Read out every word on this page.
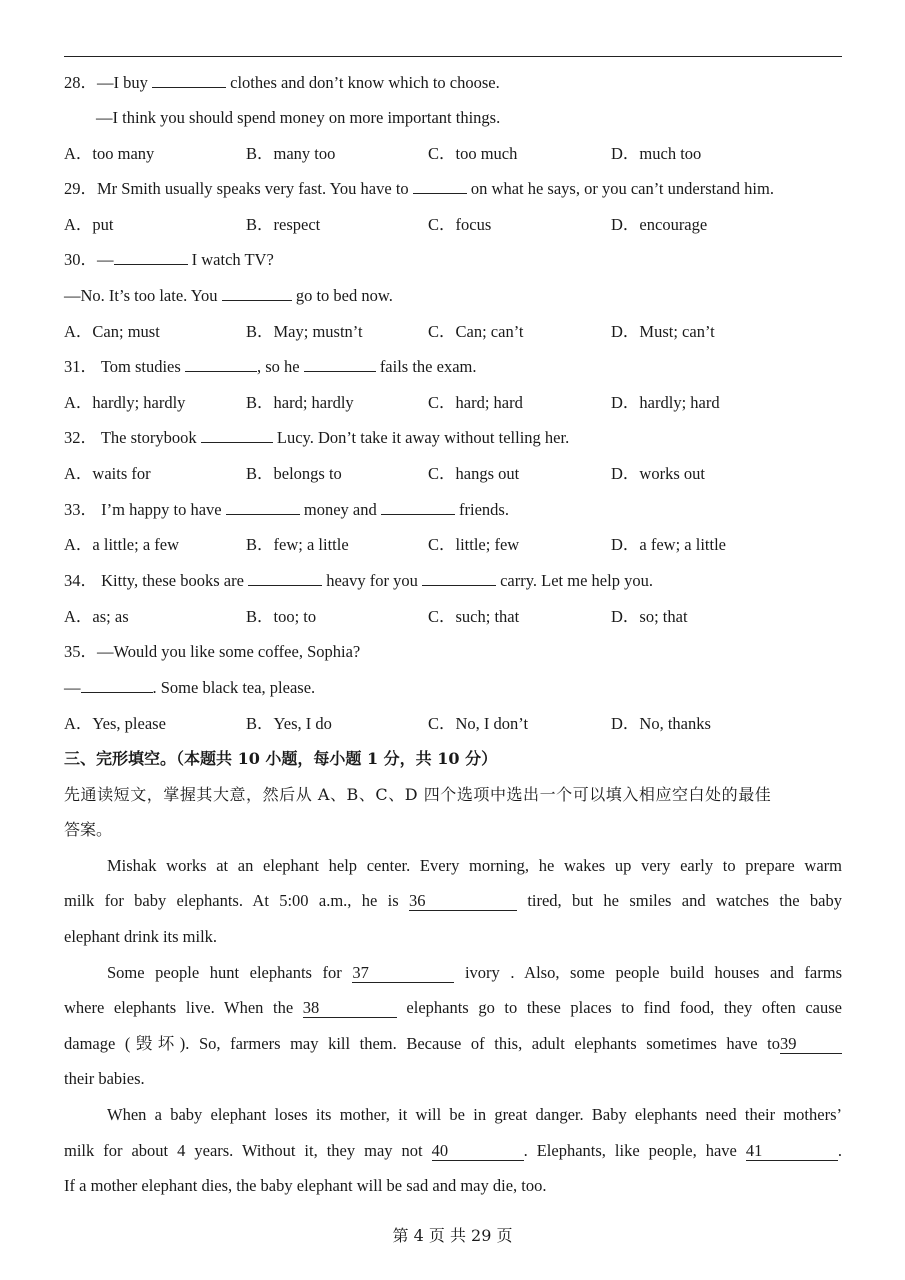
28．—I buy	clothes and don’t know which to choose.
—I think you should spend money on more important things.
A．too many	B．many too	C．too much	D．much too
29．Mr Smith usually speaks very fast. You have to	on what he says, or you can’t understand him.
A．put	B．respect	C．focus	D．encourage
30．—	I watch TV?
—No. It’s too late. You	go to bed now.
A．Can; must	B．May; mustn’t	C．Can; can’t	D．Must; can’t
31． Tom studies	, so he	fails the exam.
A．hardly; hardly	B．hard; hardly	C．hard; hard	D．hardly; hard
32． The storybook	Lucy. Don’t take it away without telling her.
A．waits for	B．belongs to	C．hangs out	D．works out
33． I’m happy to have	money and	friends.
A．a little; a few	B．few; a little	C．little; few	D．a few; a little
34． Kitty, these books are	heavy for you	carry. Let me help you.
A．as; as	B．too; to	C．such; that	D．so; that
35．—Would you like some coffee, Sophia?
—	. Some black tea, please.
A．Yes, please	B．Yes, I do	C．No, I don’t	D．No, thanks
三、完形填空。（本题共 10 小题，每小题 1 分，共 10 分）
先通读短文，掌握其大意，然后从 A、B、C、D 四个选项中选出一个可以填入相应空白处的最佳
答案。
Mishak works at an elephant help center. Every morning, he wakes up very early to prepare warm
milk for baby elephants. At 5:00 a.m., he is 36	tired, but he smiles and watches the baby
elephant drink its milk.
Some people hunt elephants for 37	ivory . Also, some people build houses and farms
where elephants live. When the 38	elephants go to these places to find food, they often cause
damage (毁坏). So, farmers may kill them. Because of this, adult elephants sometimes have to39
their babies.
When a baby elephant loses its mother, it will be in great danger. Baby elephants need their mothers’
milk for about 4 years. Without it, they may not 40	. Elephants, like people, have 41	.
If a mother elephant dies, the baby elephant will be sad and may die, too.
第 4 页 共 29 页
